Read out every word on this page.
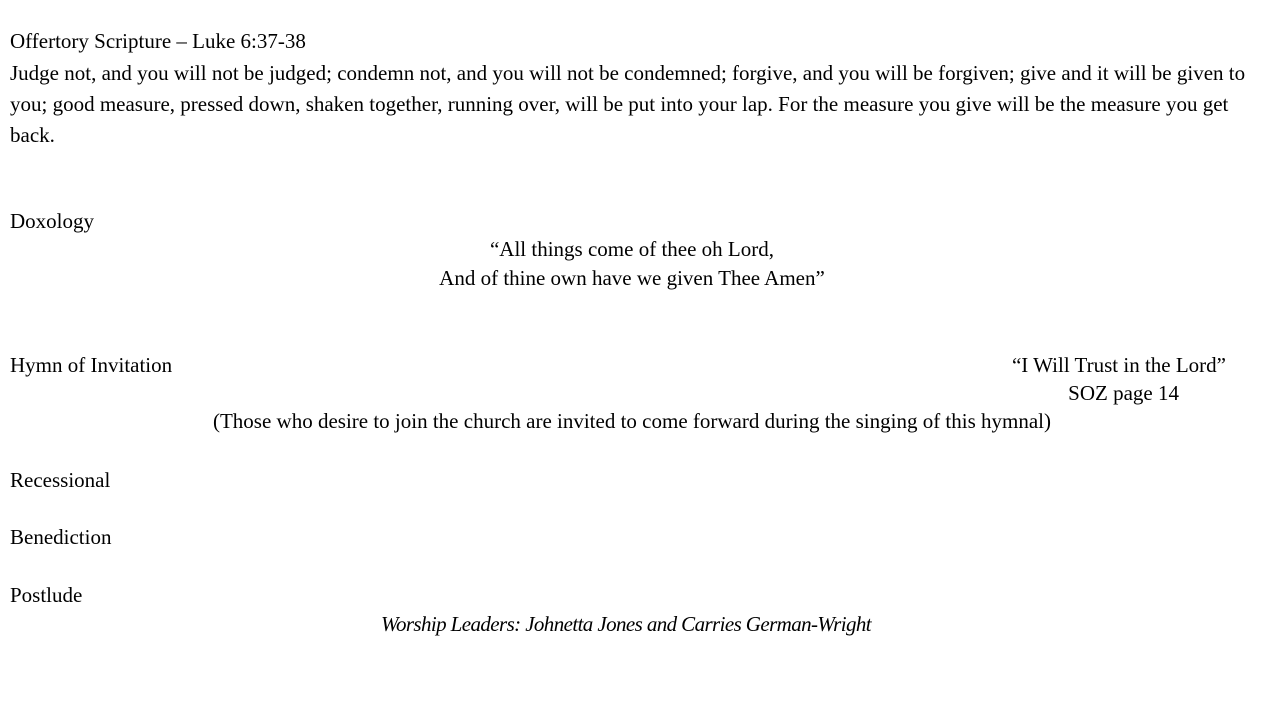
Offertory Scripture – Luke 6:37-38

Judge not, and you will not be judged; condemn not, and you will not be condemned; forgive, and you will be forgiven; give and it will be given to you; good measure, pressed down, shaken together, running over, will be put into your lap. For the measure you give will be the measure you get back.

Doxology

“All things come of thee oh Lord,

And of thine own have we given Thee Amen”

Hymn of Invitation	“I Will Trust in the Lord”

SOZ page 14

(Those who desire to join the church are invited to come forward during the singing of this hymnal)

Recessional

Benediction

Postlude

Worship Leaders: Johnetta Jones and Carries German-Wright
